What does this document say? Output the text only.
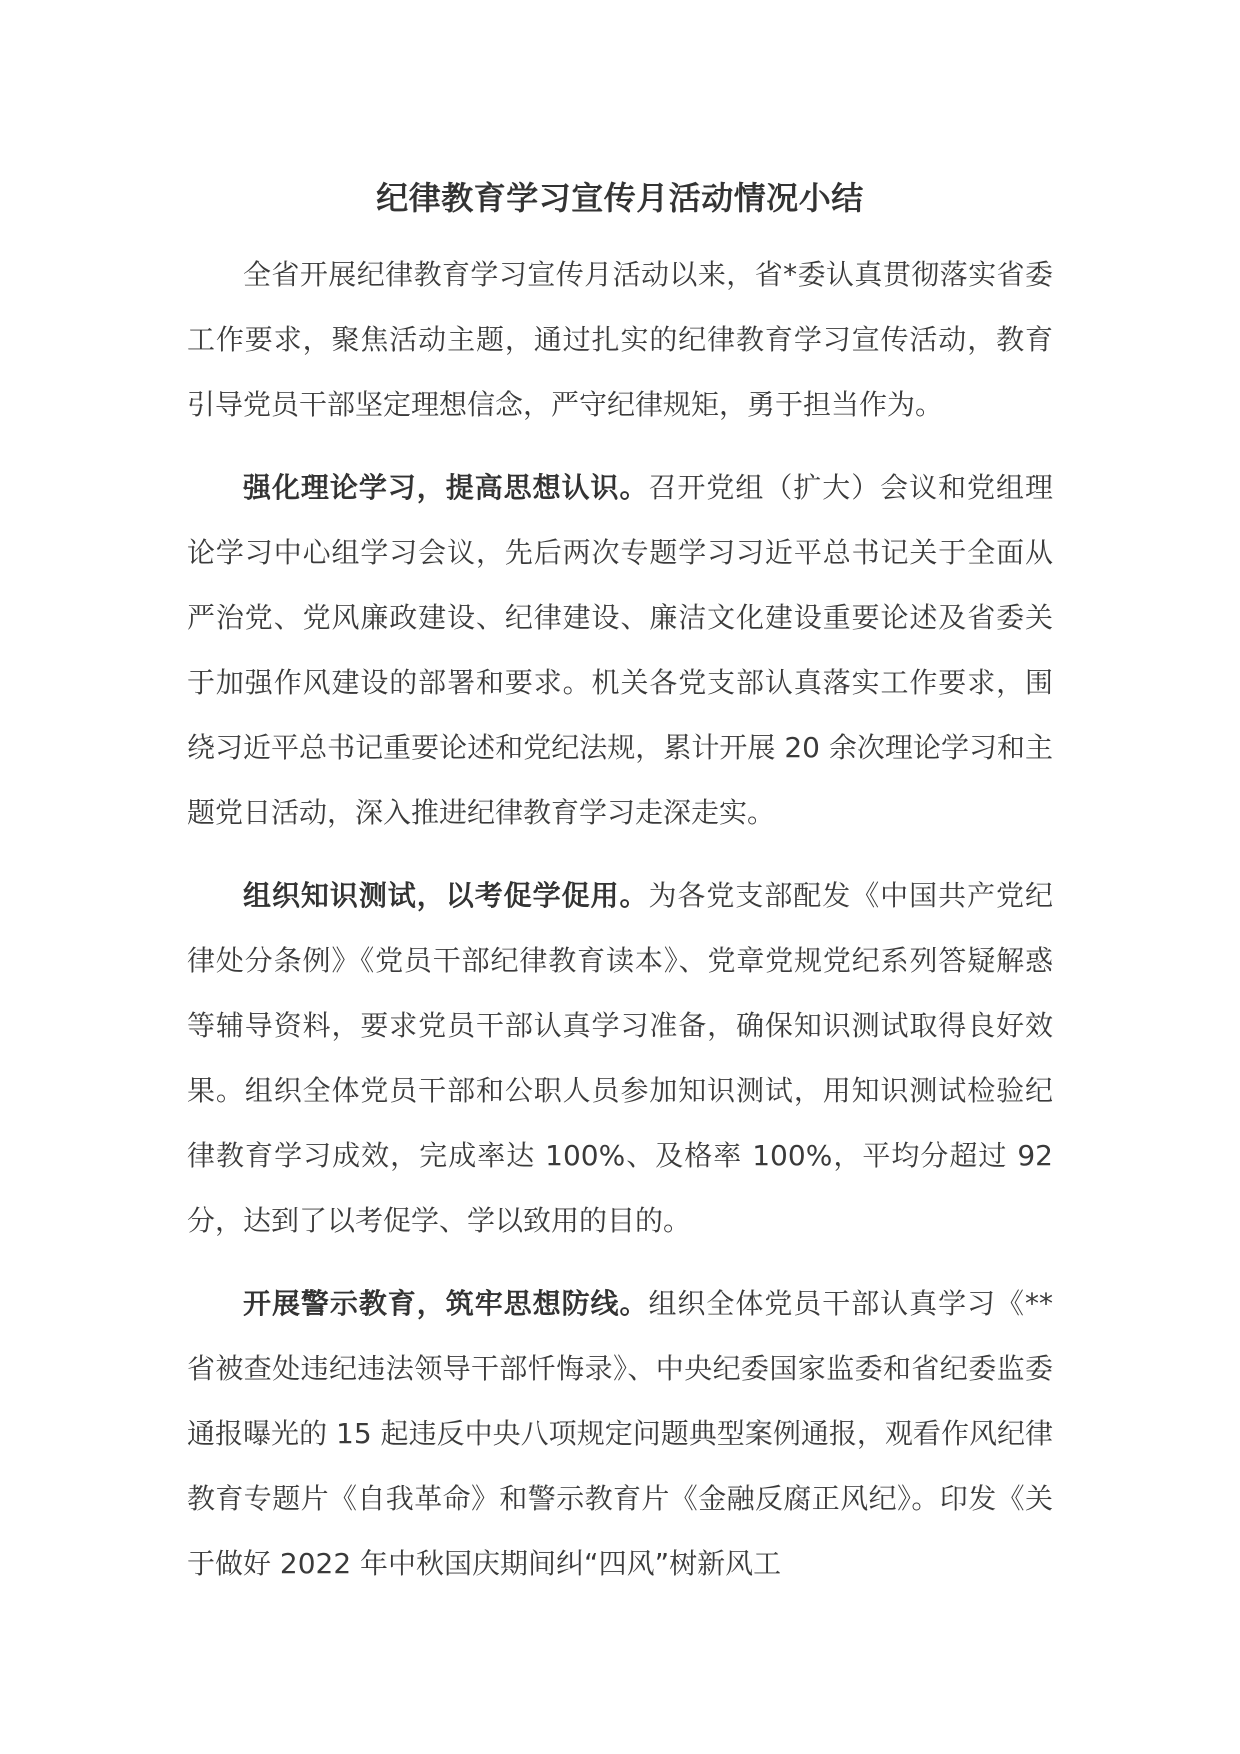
纪律教育学习宣传月活动情况小结

全省开展纪律教育学习宣传月活动以来，省*委认真贯彻落实省委工作要求，聚焦活动主题，通过扎实的纪律教育学习宣传活动，教育引导党员干部坚定理想信念，严守纪律规矩，勇于担当作为。

强化理论学习，提高思想认识。召开党组（扩大）会议和党组理论学习中心组学习会议，先后两次专题学习习近平总书记关于全面从严治党、党风廉政建设、纪律建设、廉洁文化建设重要论述及省委关于加强作风建设的部署和要求。机关各党支部认真落实工作要求，围绕习近平总书记重要论述和党纪法规，累计开展 20 余次理论学习和主题党日活动，深入推进纪律教育学习走深走实。

组织知识测试，以考促学促用。为各党支部配发《中国共产党纪律处分条例》《党员干部纪律教育读本》、党章党规党纪系列答疑解惑等辅导资料，要求党员干部认真学习准备，确保知识测试取得良好效果。组织全体党员干部和公职人员参加知识测试，用知识测试检验纪律教育学习成效，完成率达 100%、及格率 100%，平均分超过 92 分，达到了以考促学、学以致用的目的。

开展警示教育，筑牢思想防线。组织全体党员干部认真学习《**省被查处违纪违法领导干部忏悔录》、中央纪委国家监委和省纪委监委通报曝光的 15 起违反中央八项规定问题典型案例通报，观看作风纪律教育专题片《自我革命》和警示教育片《金融反腐正风纪》。印发《关于做好 2022 年中秋国庆期间纠“四风”树新风工
